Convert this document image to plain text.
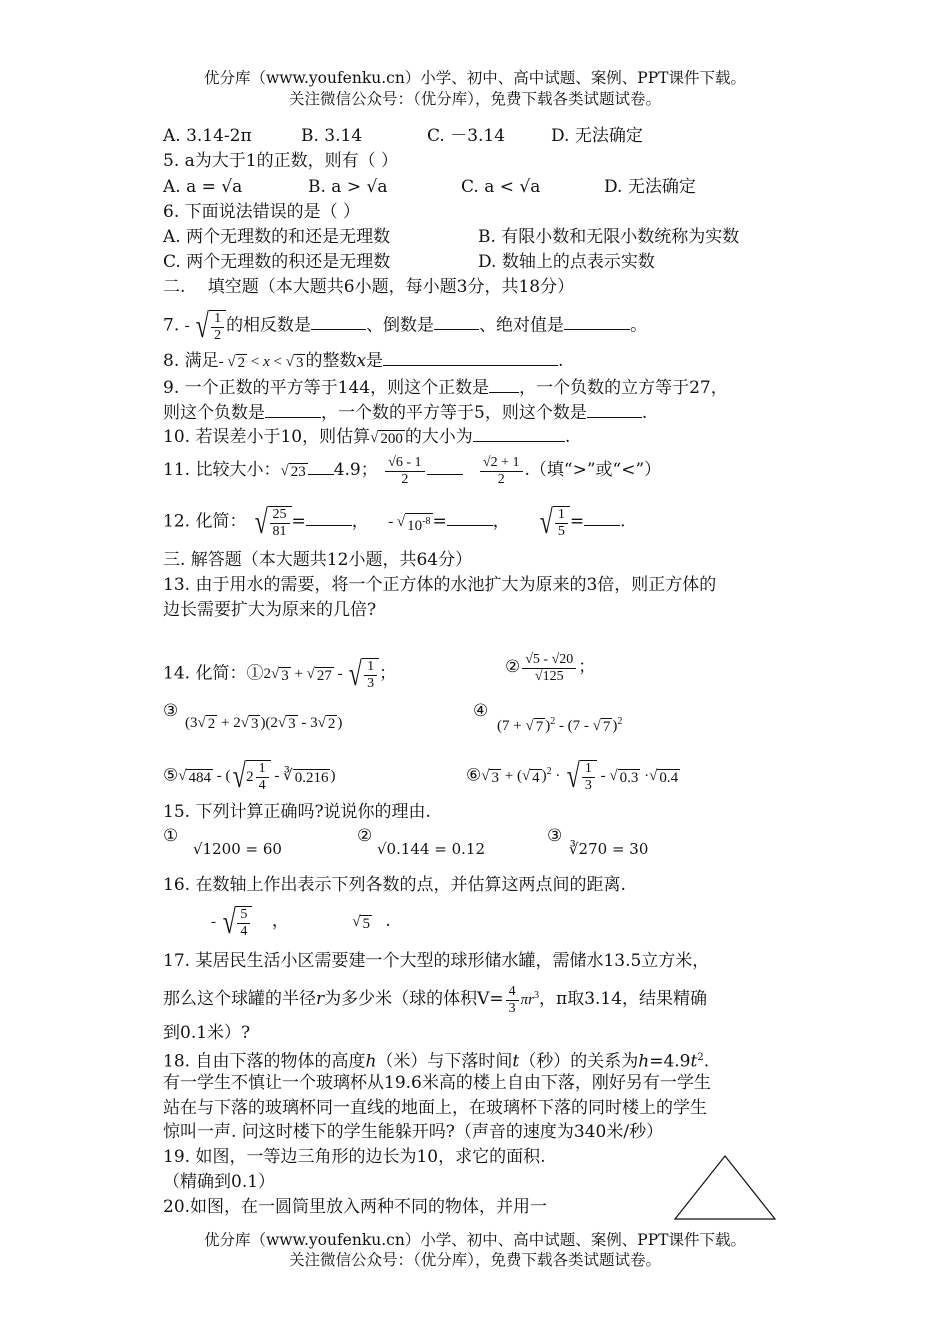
优分库（www.youfenku.cn）小学、初中、高中试题、案例、PPT课件下载。
关注微信公众号：（优分库），免费下载各类试题试卷。
A. 3.14-2π	B. 3.14	C. －3.14	D. 无法确定
5. a为大于1的正数，则有（ ）
A. a = √a	B. a > √a	C. a < √a	D. 无法确定
6. 下面说法错误的是（ ）
A. 两个无理数的和还是无理数	B. 有限小数和无限小数统称为实数
C. 两个无理数的积还是无理数	D. 数轴上的点表示实数
二.　 填空题（本大题共6小题，每小题3分，共18分）
7. - √ $\frac{1}{2}$ 的相反数是	、倒数是	、绝对值是	。
8. 满足- √ 2 < x < √ 3 的整数x是	.
9. 一个正数的平方等于144，则这个正数是 ，一个负数的立方等于27，
则这个负数是	，一个数的平方等于5，则这个数是	.
10. 若误差小于10，则估算√ 200 的大小为	.
11. 比较大小：√ 23 4.9； $\frac{√6 - 1}{2}$
	$\frac{√2 + 1}{2}$ .（填“>”或“<”）
12. 化简： √ $\frac{25}{81}$ =	， - √ $10^{-8}$ =	， √ $\frac{1}{5}$ = .
三. 解答题（本大题共12小题，共64分）
13. 由于用水的需要，将一个正方体的水池扩大为原来的3倍，则正方体的
边长需要扩大为原来的几倍?
14. 化简：①2√ 3 + √ 27 - √ $\frac{1}{3}$ ；	② $\frac{√5 - √20}{√125}$ ；
③
(3√ 2 + 2√ 3 )(2√ 3 - 3√ 2 )
④
(7 + √ 7 )$^2$ - (7 - √ 7 )$^2$
⑤√ 484 - ( √ $2 \frac{1}{4}$ - ∛ 0.216 )	⑥√ 3 + (√ 4 )$^2$ · √ $\frac{1}{3}$ - √ 0.3 ·√ 0.4
15. 下列计算正确吗?说说你的理由.
①
√1200 = 60
②
√0.144 = 0.12
③
∛270 = 30
16. 在数轴上作出表示下列各数的点，并估算这两点间的距离.
- √ $\frac{5}{4}$ ，	√ 5 .
17. 某居民生活小区需要建一个大型的球形储水罐，需储水13.5立方米，
那么这个球罐的半径r为多少米（球的体积$V= \frac{4}{3} \pi r^3$，π取3.14，结果精确
到0.1米）?
18. 自由下落的物体的高度h（米）与下落时间t（秒）的关系为$h=4.9t^2$.
有一学生不慎让一个玻璃杯从19.6米高的楼上自由下落，刚好另有一学生
站在与下落的玻璃杯同一直线的地面上，在玻璃杯下落的同时楼上的学生
惊叫一声. 问这时楼下的学生能躲开吗?（声音的速度为340米/秒）
19. 如图，一等边三角形的边长为10，求它的面积.
（精确到0.1）
20.如图，在一圆筒里放入两种不同的物体，并用一
优分库（www.youfenku.cn）小学、初中、高中试题、案例、PPT课件下载。
关注微信公众号：（优分库），免费下载各类试题试卷。
